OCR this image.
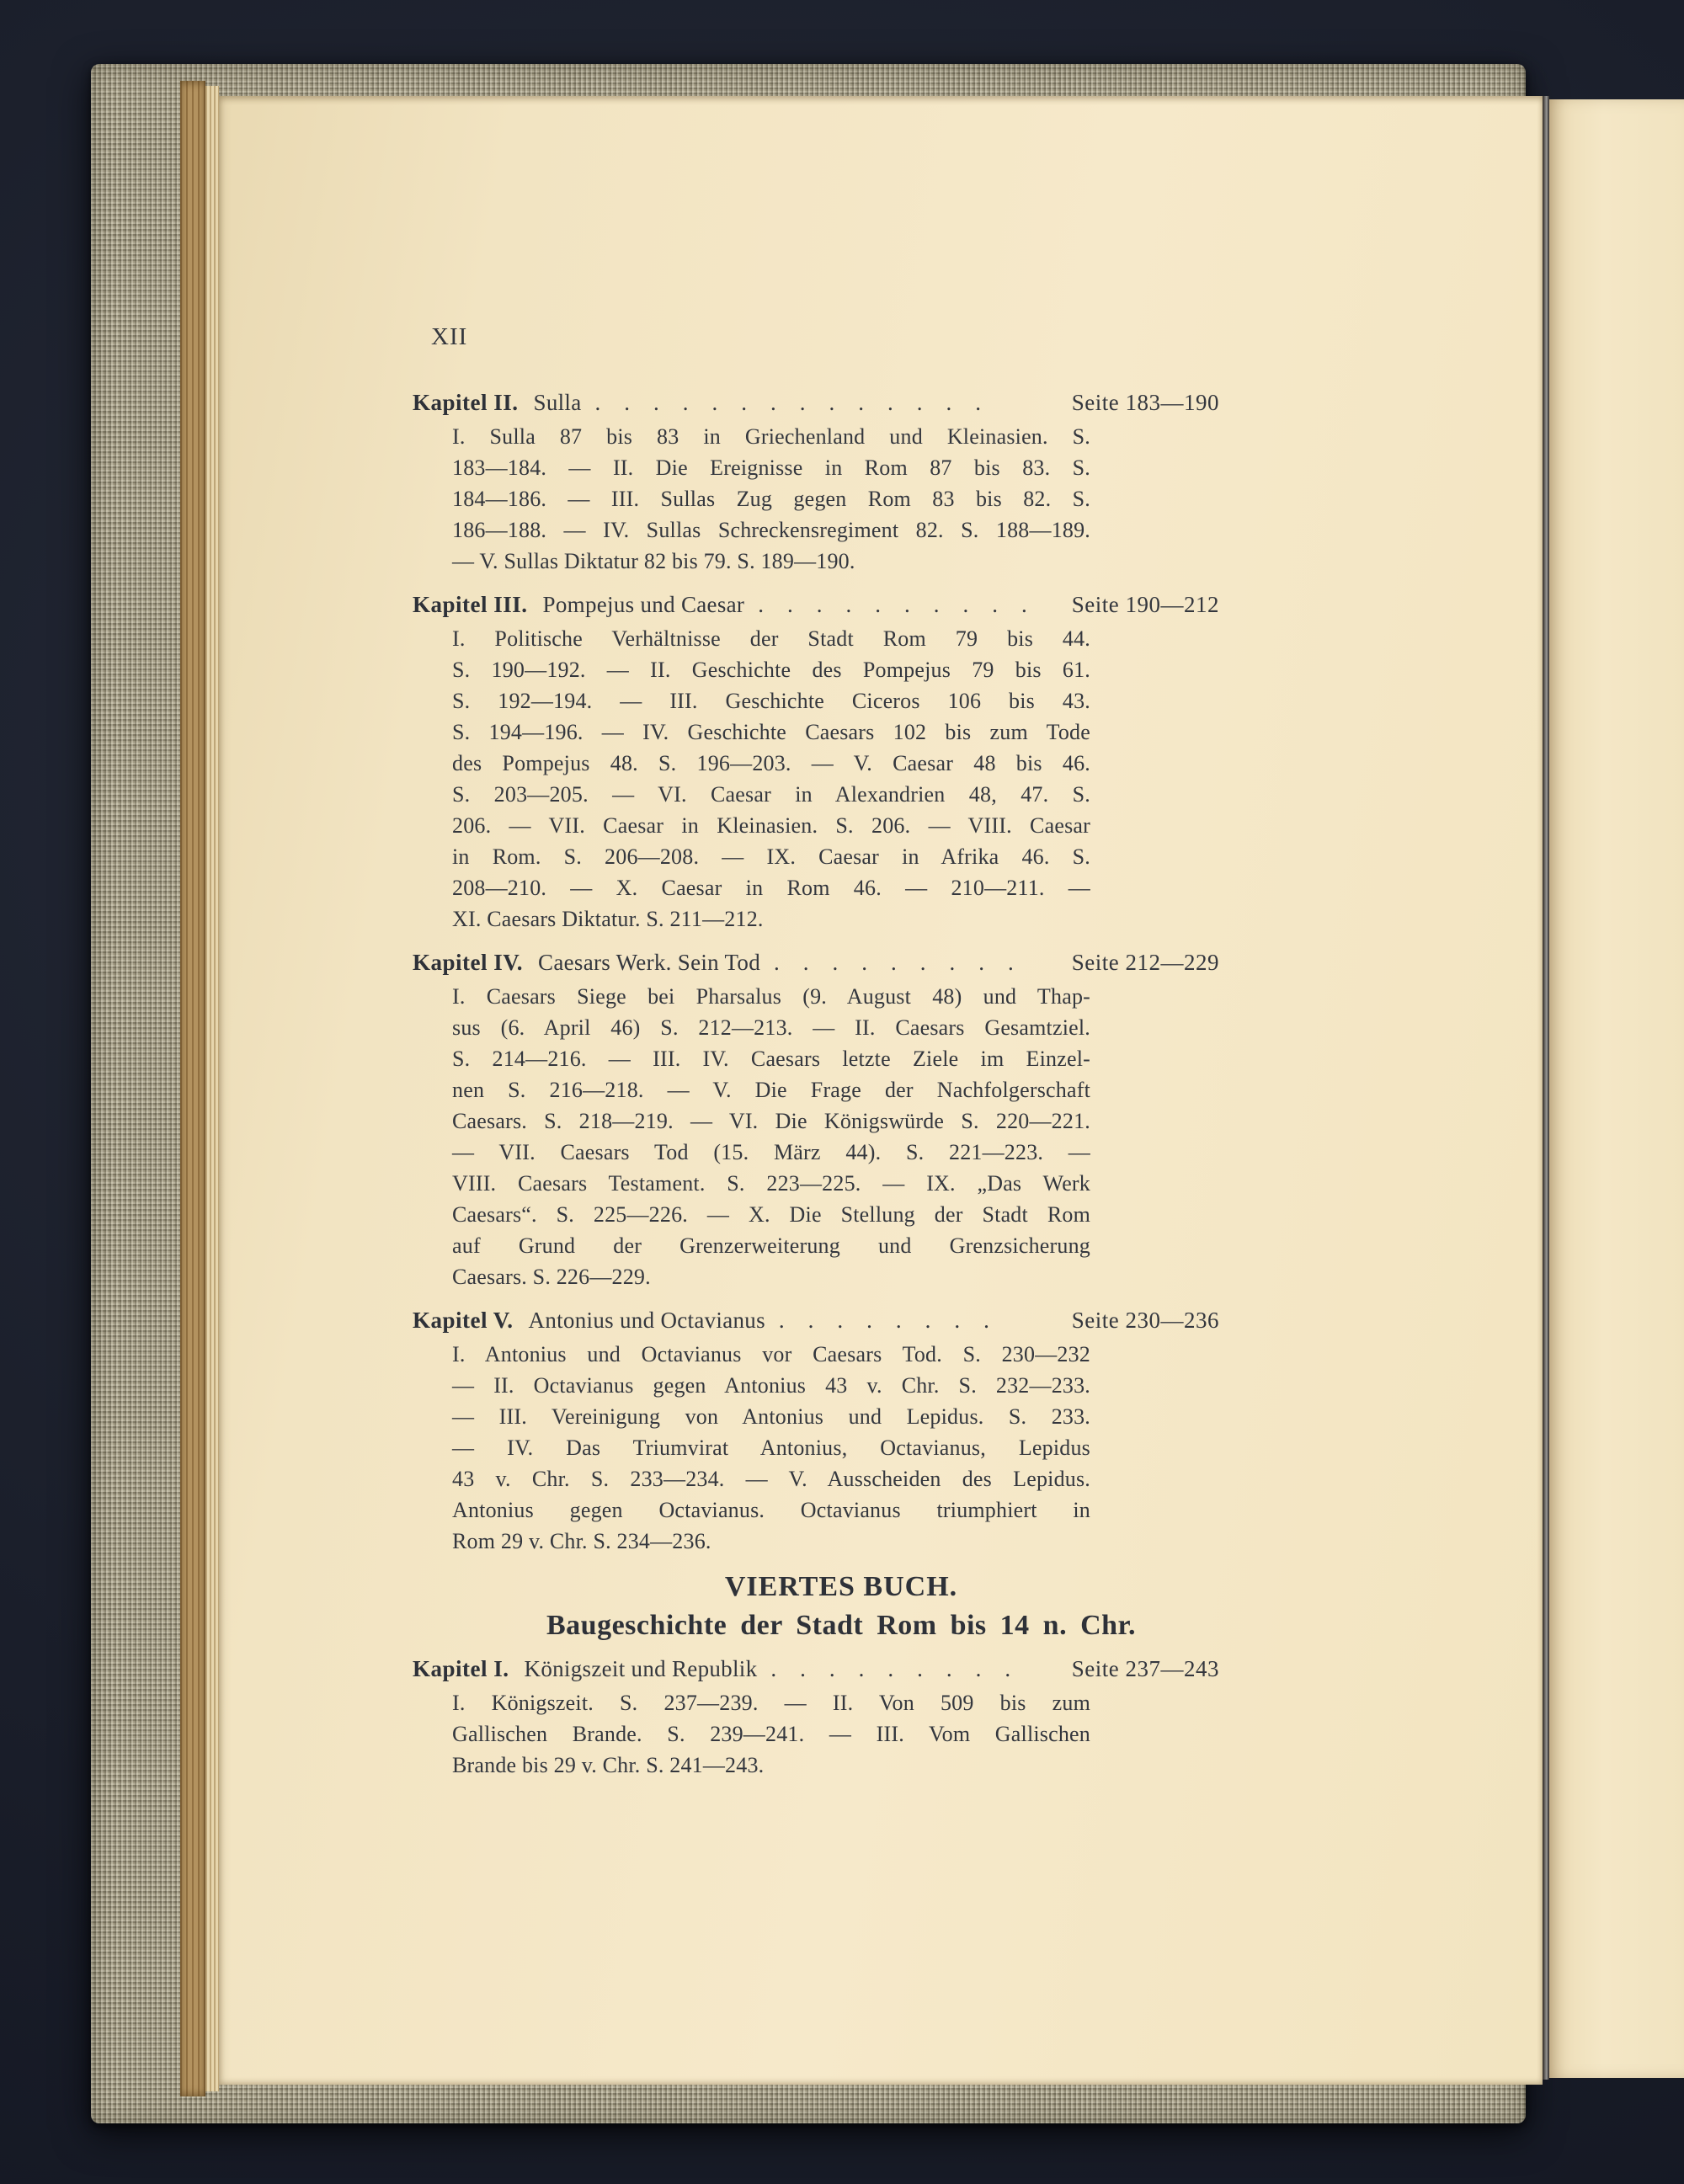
XII
Kapitel II. Sulla ..............	Seite 183—190
I. Sulla 87 bis 83 in Griechenland und Kleinasien. S.
183—184. — II. Die Ereignisse in Rom 87 bis 83. S.
184—186. — III. Sullas Zug gegen Rom 83 bis 82. S.
186—188. — IV. Sullas Schreckensregiment 82. S. 188—189.
— V. Sullas Diktatur 82 bis 79. S. 189—190.
Kapitel III. Pompejus und Caesar .......... Seite 190—212
I. Politische Verhältnisse der Stadt Rom 79 bis 44.
S. 190—192. — II. Geschichte des Pompejus 79 bis 61.
S. 192—194. — III. Geschichte Ciceros 106 bis 43.
S. 194—196. — IV. Geschichte Caesars 102 bis zum Tode
des Pompejus 48. S. 196—203. — V. Caesar 48 bis 46.
S. 203—205. — VI. Caesar in Alexandrien 48, 47. S.
206. — VII. Caesar in Kleinasien. S. 206. — VIII. Caesar
in Rom. S. 206—208. — IX. Caesar in Afrika 46. S.
208—210. — X. Caesar in Rom 46. — 210—211. —
XI. Caesars Diktatur. S. 211—212.
Kapitel IV. Caesars Werk. Sein Tod .........	Seite 212—229
I. Caesars Siege bei Pharsalus (9. August 48) und Thap-
sus (6. April 46) S. 212—213. — II. Caesars Gesamtziel.
S. 214—216. — III. IV. Caesars letzte Ziele im Einzel-
nen S. 216—218. — V. Die Frage der Nachfolgerschaft
Caesars. S. 218—219. — VI. Die Königswürde S. 220—221.
— VII. Caesars Tod (15. März 44). S. 221—223. —
VIII. Caesars Testament. S. 223—225. — IX. „Das Werk
Caesars“. S. 225—226. — X. Die Stellung der Stadt Rom
auf Grund der Grenzerweiterung und Grenzsicherung
Caesars. S. 226—229.
Kapitel V. Antonius und Octavianus ........	Seite 230—236
I. Antonius und Octavianus vor Caesars Tod. S. 230—232
— II. Octavianus gegen Antonius 43 v. Chr. S. 232—233.
— III. Vereinigung von Antonius und Lepidus. S. 233.
— IV. Das Triumvirat Antonius, Octavianus, Lepidus
43 v. Chr. S. 233—234. — V. Ausscheiden des Lepidus.
Antonius gegen Octavianus. Octavianus triumphiert in
Rom 29 v. Chr. S. 234—236.
VIERTES BUCH.
Baugeschichte der Stadt Rom bis 14 n. Chr.
Kapitel I. Königszeit und Republik .........	Seite 237—243
I. Königszeit. S. 237—239. — II. Von 509 bis zum
Gallischen Brande. S. 239—241. — III. Vom Gallischen
Brande bis 29 v. Chr. S. 241—243.
